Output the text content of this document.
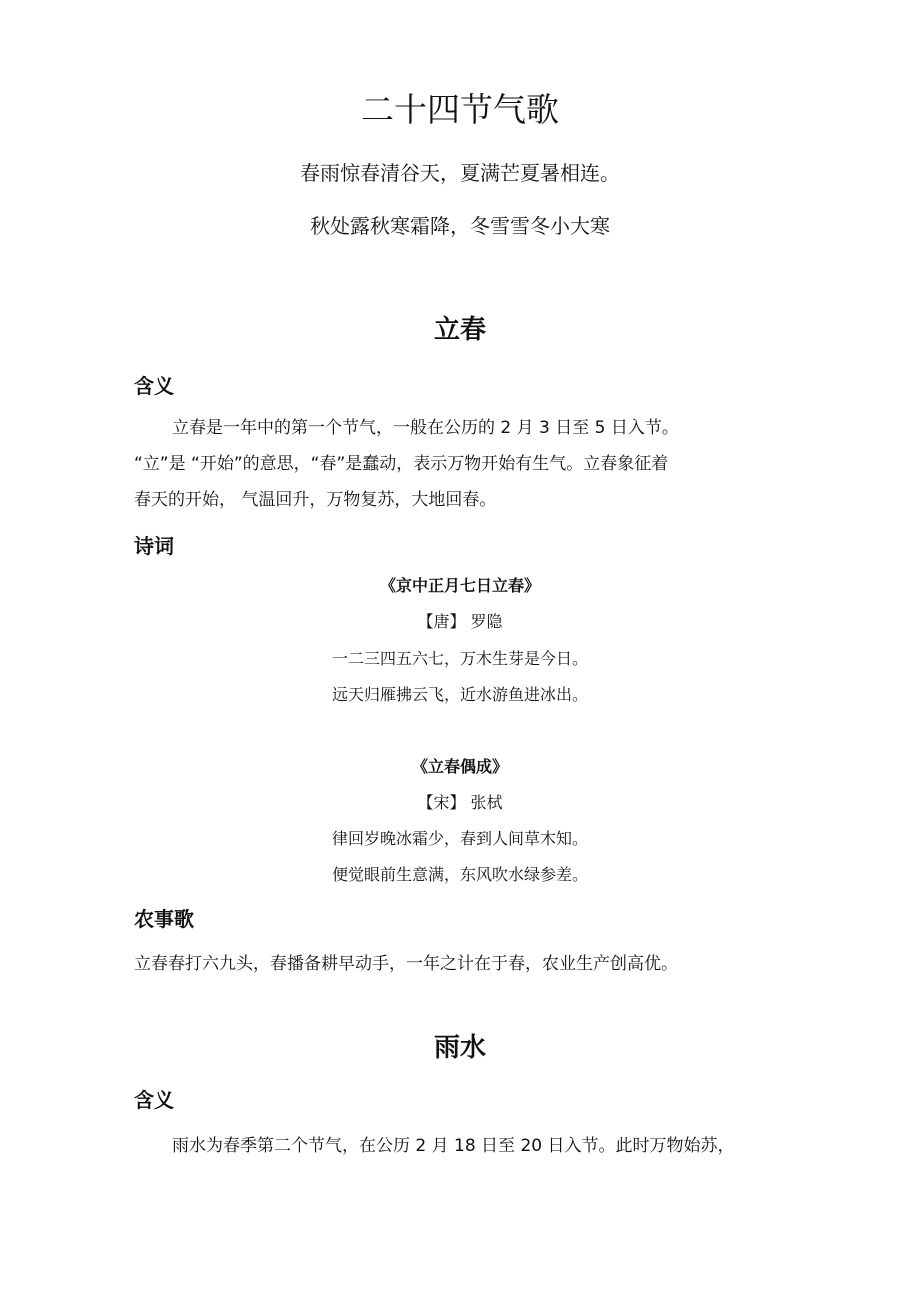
二十四节气歌
春雨惊春清谷天，夏满芒夏暑相连。
秋处露秋寒霜降，冬雪雪冬小大寒
立春
含义
立春是一年中的第一个节气，一般在公历的 2 月 3 日至 5 日入节。
“立”是 “开始”的意思，“春”是蠢动，表示万物开始有生气。立春象征着
春天的开始， 气温回升，万物复苏，大地回春。
诗词
《京中正月七日立春》
【唐】 罗隐
一二三四五六七，万木生芽是今日。
远天归雁拂云飞，近水游鱼进冰出。
《立春偶成》
【宋】 张栻
律回岁晚冰霜少，春到人间草木知。
便觉眼前生意满，东风吹水绿参差。
农事歌
立春春打六九头，春播备耕早动手，一年之计在于春，农业生产创高优。
雨水
含义
雨水为春季第二个节气，在公历 2 月 18 日至 20 日入节。此时万物始苏，
